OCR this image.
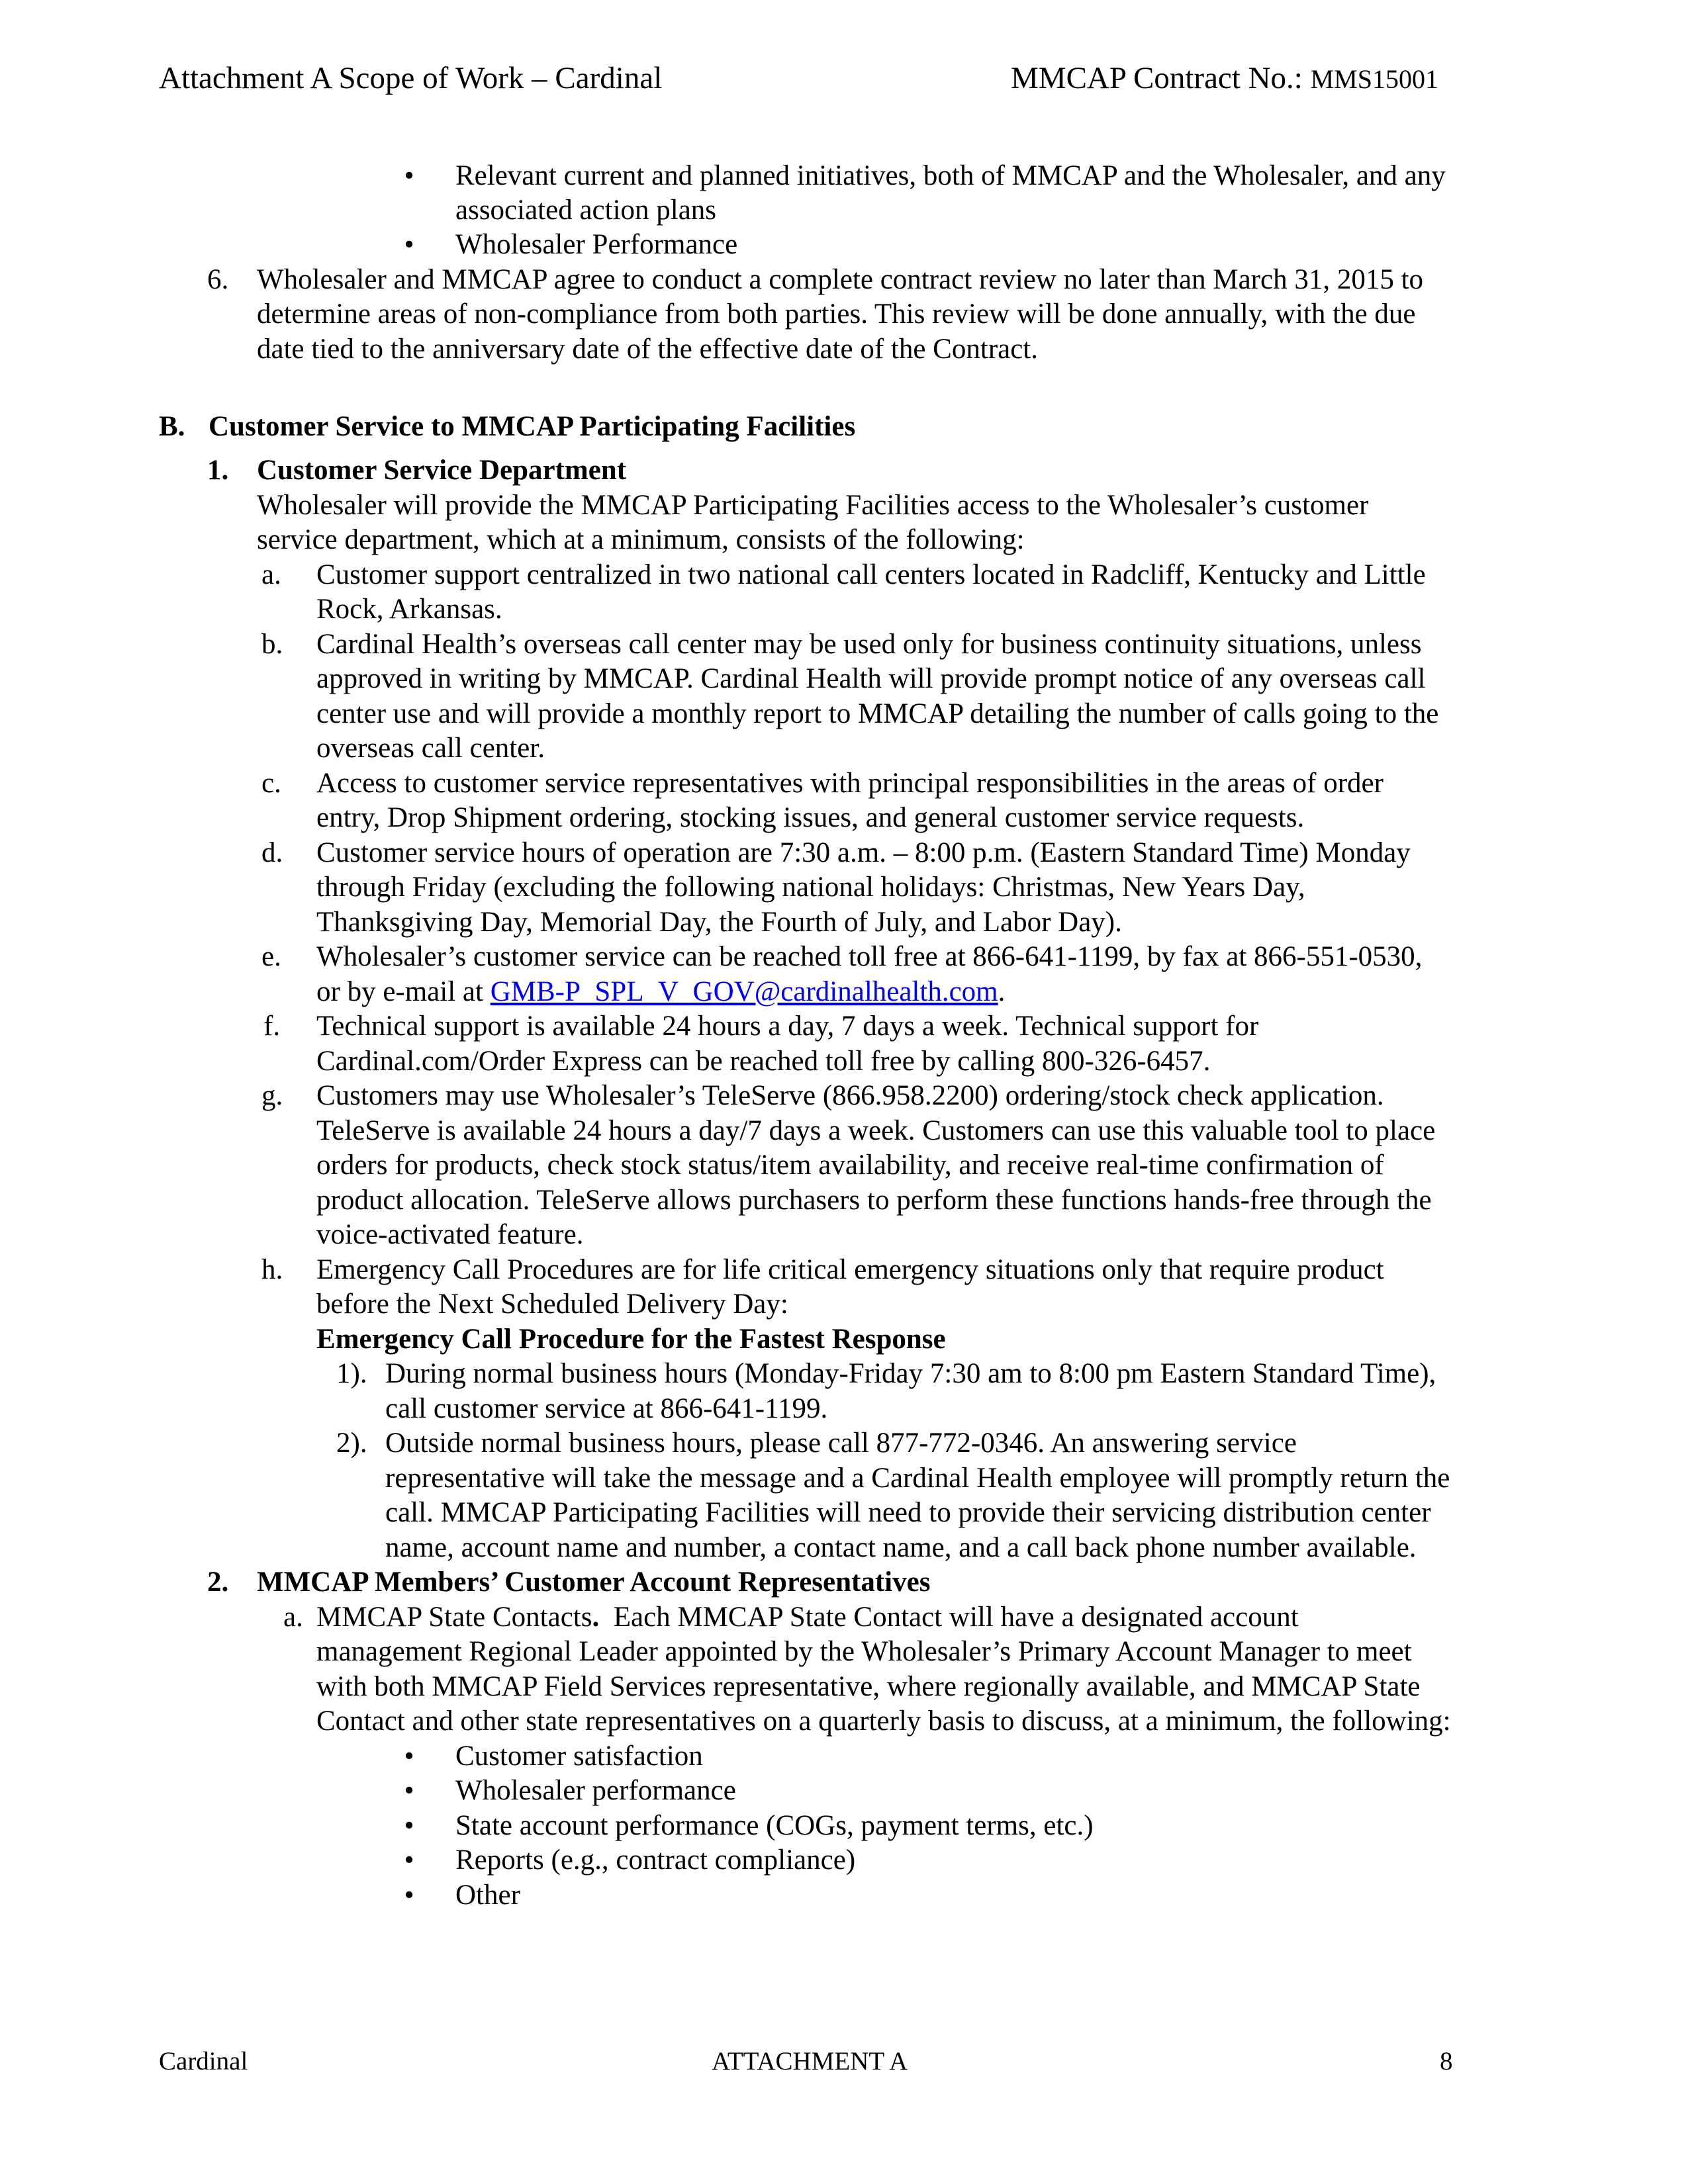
Attachment A Scope of Work – Cardinal	MMCAP Contract No.: MMS15001
• Relevant current and planned initiatives, both of MMCAP and the Wholesaler, and any
associated action plans
• Wholesaler Performance
6. Wholesaler and MMCAP agree to conduct a complete contract review no later than March 31, 2015 to
determine areas of non-compliance from both parties. This review will be done annually, with the due
date tied to the anniversary date of the effective date of the Contract.
B. Customer Service to MMCAP Participating Facilities
1. Customer Service Department
Wholesaler will provide the MMCAP Participating Facilities access to the Wholesaler’s customer
service department, which at a minimum, consists of the following:
a. Customer support centralized in two national call centers located in Radcliff, Kentucky and Little
Rock, Arkansas.
b. Cardinal Health’s overseas call center may be used only for business continuity situations, unless
approved in writing by MMCAP. Cardinal Health will provide prompt notice of any overseas call
center use and will provide a monthly report to MMCAP detailing the number of calls going to the
overseas call center.
c. Access to customer service representatives with principal responsibilities in the areas of order
entry, Drop Shipment ordering, stocking issues, and general customer service requests.
d. Customer service hours of operation are 7:30 a.m. – 8:00 p.m. (Eastern Standard Time) Monday
through Friday (excluding the following national holidays: Christmas, New Years Day,
Thanksgiving Day, Memorial Day, the Fourth of July, and Labor Day).
e. Wholesaler’s customer service can be reached toll free at 866-641-1199, by fax at 866-551-0530,
or by e-mail at GMB-P_SPL_V_GOV@cardinalhealth.com.
f. Technical support is available 24 hours a day, 7 days a week. Technical support for
Cardinal.com/Order Express can be reached toll free by calling 800-326-6457.
g. Customers may use Wholesaler’s TeleServe (866.958.2200) ordering/stock check application.
TeleServe is available 24 hours a day/7 days a week. Customers can use this valuable tool to place
orders for products, check stock status/item availability, and receive real-time confirmation of
product allocation. TeleServe allows purchasers to perform these functions hands-free through the
voice-activated feature.
h. Emergency Call Procedures are for life critical emergency situations only that require product
before the Next Scheduled Delivery Day:
Emergency Call Procedure for the Fastest Response
1). During normal business hours (Monday-Friday 7:30 am to 8:00 pm Eastern Standard Time),
call customer service at 866-641-1199.
2). Outside normal business hours, please call 877-772-0346. An answering service
representative will take the message and a Cardinal Health employee will promptly return the
call. MMCAP Participating Facilities will need to provide their servicing distribution center
name, account name and number, a contact name, and a call back phone number available.
2. MMCAP Members’ Customer Account Representatives
a. MMCAP State Contacts.  Each MMCAP State Contact will have a designated account
management Regional Leader appointed by the Wholesaler’s Primary Account Manager to meet
with both MMCAP Field Services representative, where regionally available, and MMCAP State
Contact and other state representatives on a quarterly basis to discuss, at a minimum, the following:
• Customer satisfaction
• Wholesaler performance
• State account performance (COGs, payment terms, etc.)
• Reports (e.g., contract compliance)
• Other
Cardinal	ATTACHMENT A	8
